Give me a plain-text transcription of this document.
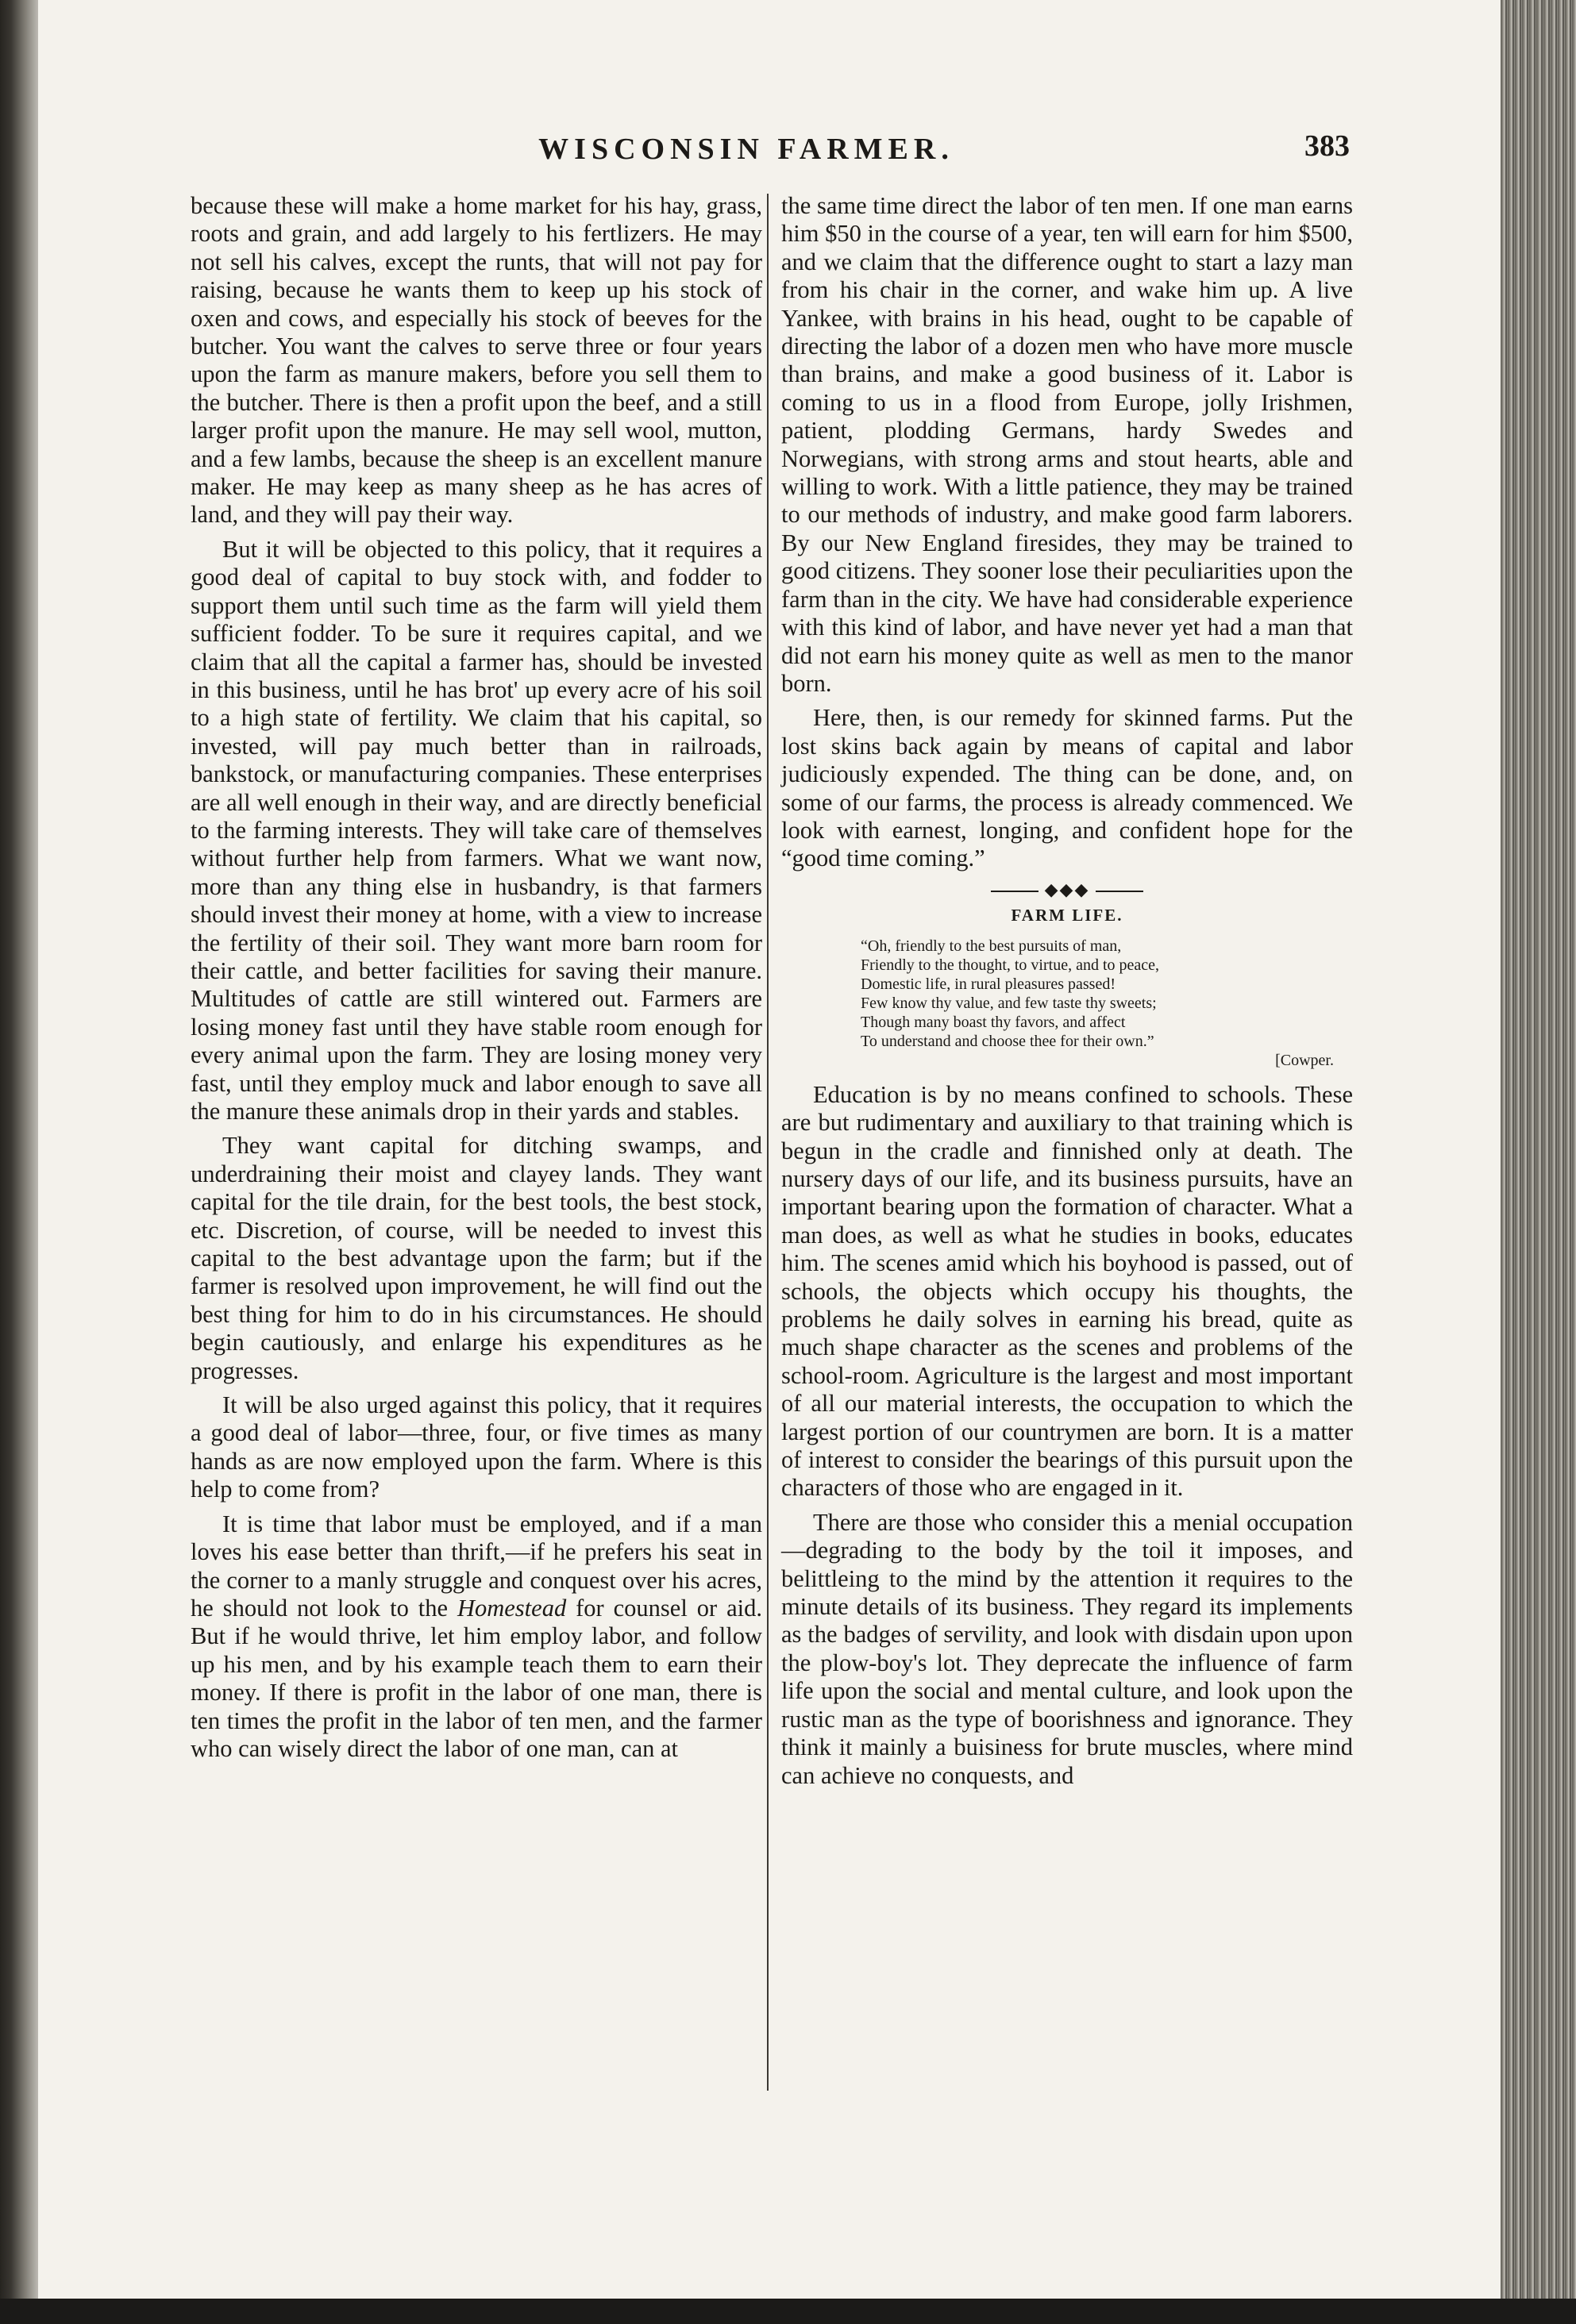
WISCONSIN FARMER.	383

because these will make a home market for his hay, grass, roots and grain, and add largely to his fertlizers. He may not sell his calves, except the runts, that will not pay for raising, because he wants them to keep up his stock of oxen and cows, and especially his stock of beeves for the butcher. You want the calves to serve three or four years upon the farm as manure makers, before you sell them to the butcher. There is then a profit upon the beef, and a still larger profit upon the manure. He may sell wool, mutton, and a few lambs, because the sheep is an excellent manure maker. He may keep as many sheep as he has acres of land, and they will pay their way.

But it will be objected to this policy, that it requires a good deal of capital to buy stock with, and fodder to support them until such time as the farm will yield them sufficient fodder. To be sure it requires capital, and we claim that all the capital a farmer has, should be invested in this business, until he has brot' up every acre of his soil to a high state of fertility. We claim that his capital, so invested, will pay much better than in railroads, bankstock, or manufacturing companies. These enterprises are all well enough in their way, and are directly beneficial to the farming interests. They will take care of themselves without further help from farmers. What we want now, more than any thing else in husbandry, is that farmers should invest their money at home, with a view to increase the fertility of their soil. They want more barn room for their cattle, and better facilities for saving their manure. Multitudes of cattle are still wintered out. Farmers are losing money fast until they have stable room enough for every animal upon the farm. They are losing money very fast, until they employ muck and labor enough to save all the manure these animals drop in their yards and stables.

They want capital for ditching swamps, and underdraining their moist and clayey lands. They want capital for the tile drain, for the best tools, the best stock, etc. Discretion, of course, will be needed to invest this capital to the best advantage upon the farm; but if the farmer is resolved upon improvement, he will find out the best thing for him to do in his circumstances. He should begin cautiously, and enlarge his expenditures as he progresses.

It will be also urged against this policy, that it requires a good deal of labor—three, four, or five times as many hands as are now employed upon the farm. Where is this help to come from?

It is time that labor must be employed, and if a man loves his ease better than thrift,—if he prefers his seat in the corner to a manly struggle and conquest over his acres, he should not look to the Homestead for counsel or aid. But if he would thrive, let him employ labor, and follow up his men, and by his example teach them to earn their money. If there is profit in the labor of one man, there is ten times the profit in the labor of ten men, and the farmer who can wisely direct the labor of one man, can at

the same time direct the labor of ten men. If one man earns him $50 in the course of a year, ten will earn for him $500, and we claim that the difference ought to start a lazy man from his chair in the corner, and wake him up. A live Yankee, with brains in his head, ought to be capable of directing the labor of a dozen men who have more muscle than brains, and make a good business of it. Labor is coming to us in a flood from Europe, jolly Irishmen, patient, plodding Germans, hardy Swedes and Norwegians, with strong arms and stout hearts, able and willing to work. With a little patience, they may be trained to our methods of industry, and make good farm laborers. By our New England firesides, they may be trained to good citizens. They sooner lose their peculiarities upon the farm than in the city. We have had considerable experience with this kind of labor, and have never yet had a man that did not earn his money quite as well as men to the manor born.

Here, then, is our remedy for skinned farms. Put the lost skins back again by means of capital and labor judiciously expended. The thing can be done, and, on some of our farms, the process is already commenced. We look with earnest, longing, and confident hope for the “good time coming.”

◆◆◆
FARM LIFE.
“Oh, friendly to the best pursuits of man,
Friendly to the thought, to virtue, and to peace,
Domestic life, in rural pleasures passed!
Few know thy value, and few taste thy sweets;
Though many boast thy favors, and affect
To understand and choose thee for their own.”
[Cowper.

Education is by no means confined to schools. These are but rudimentary and auxiliary to that training which is begun in the cradle and finnished only at death. The nursery days of our life, and its business pursuits, have an important bearing upon the formation of character. What a man does, as well as what he studies in books, educates him. The scenes amid which his boyhood is passed, out of schools, the objects which occupy his thoughts, the problems he daily solves in earning his bread, quite as much shape character as the scenes and problems of the school-room. Agriculture is the largest and most important of all our material interests, the occupation to which the largest portion of our countrymen are born. It is a matter of interest to consider the bearings of this pursuit upon the characters of those who are engaged in it.

There are those who consider this a menial occupation—degrading to the body by the toil it imposes, and belittleing to the mind by the attention it requires to the minute details of its business. They regard its implements as the badges of servility, and look with disdain upon upon the plow-boy's lot. They deprecate the influence of farm life upon the social and mental culture, and look upon the rustic man as the type of boorishness and ignorance. They think it mainly a buisiness for brute muscles, where mind can achieve no conquests, and
